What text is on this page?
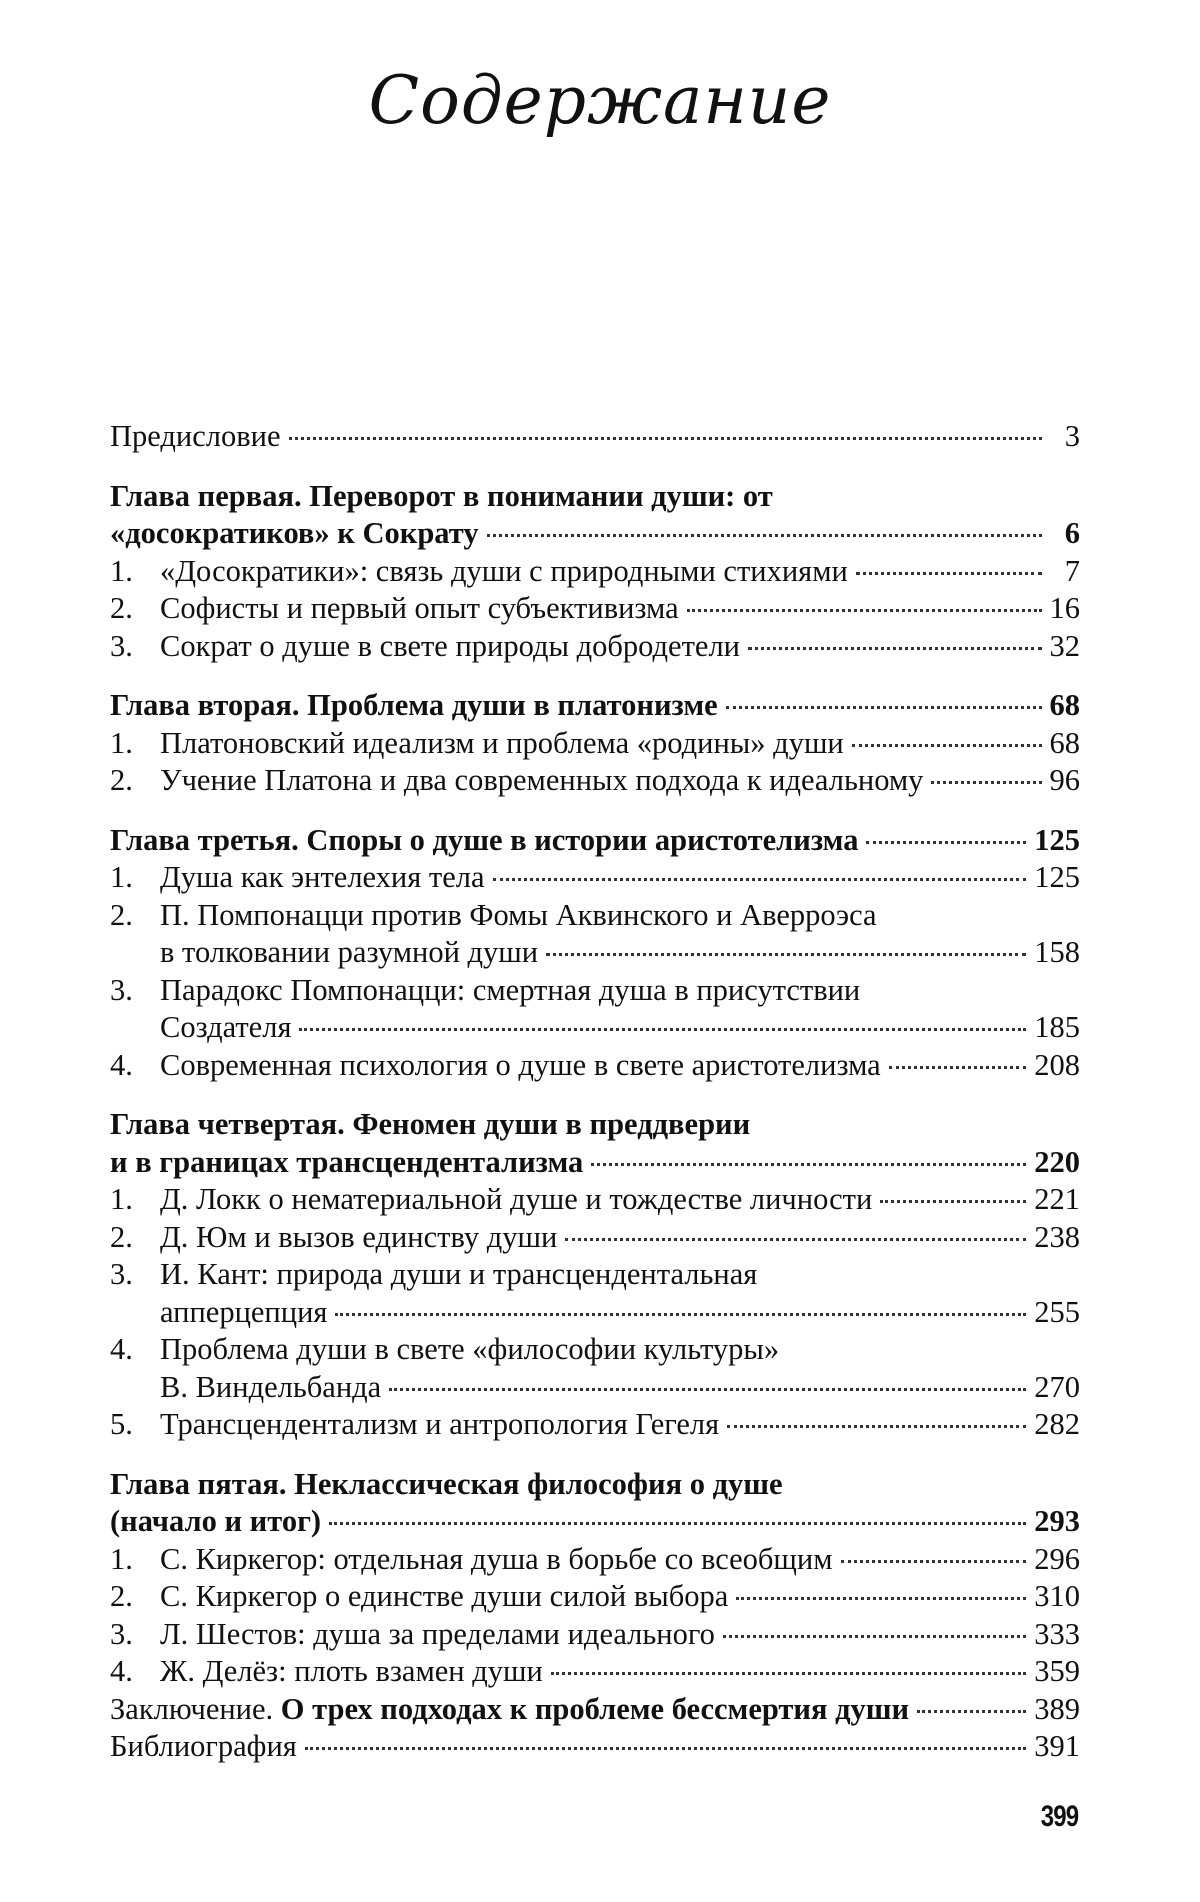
Содержание
Предисловие	3
Глава первая. Переворот в понимании души: от
«досократиков» к Сократу	6
1. «Досократики»: связь души с природными стихиями	7
2. Софисты и первый опыт субъективизма	16
3. Сократ о душе в свете природы добродетели	32
Глава вторая. Проблема души в платонизме	68
1. Платоновский идеализм и проблема «родины» души	68
2. Учение Платона и два современных подхода к идеальному	96
Глава третья. Споры о душе в истории аристотелизма	125
1. Душа как энтелехия тела	125
2. П. Помпонацци против Фомы Аквинского и Аверроэса
в толковании разумной души	158
3. Парадокс Помпонацци: смертная душа в присутствии
Создателя	185
4. Современная психология о душе в свете аристотелизма	208
Глава четвертая. Феномен души в преддверии
и в границах трансцендентализма	220
1. Д. Локк о нематериальной душе и тождестве личности	221
2. Д. Юм и вызов единству души	238
3. И. Кант: природа души и трансцендентальная
апперцепция	255
4. Проблема души в свете «философии культуры»
В. Виндельбанда	270
5. Трансцендентализм и антропология Гегеля	282
Глава пятая. Неклассическая философия о душе
(начало и итог)	293
1. С. Киркегор: отдельная душа в борьбе со всеобщим	296
2. С. Киркегор о единстве души силой выбора	310
3. Л. Шестов: душа за пределами идеального	333
4. Ж. Делёз: плоть взамен души	359
Заключение. О трех подходах к проблеме бессмертия души	389
Библиография	391
399
